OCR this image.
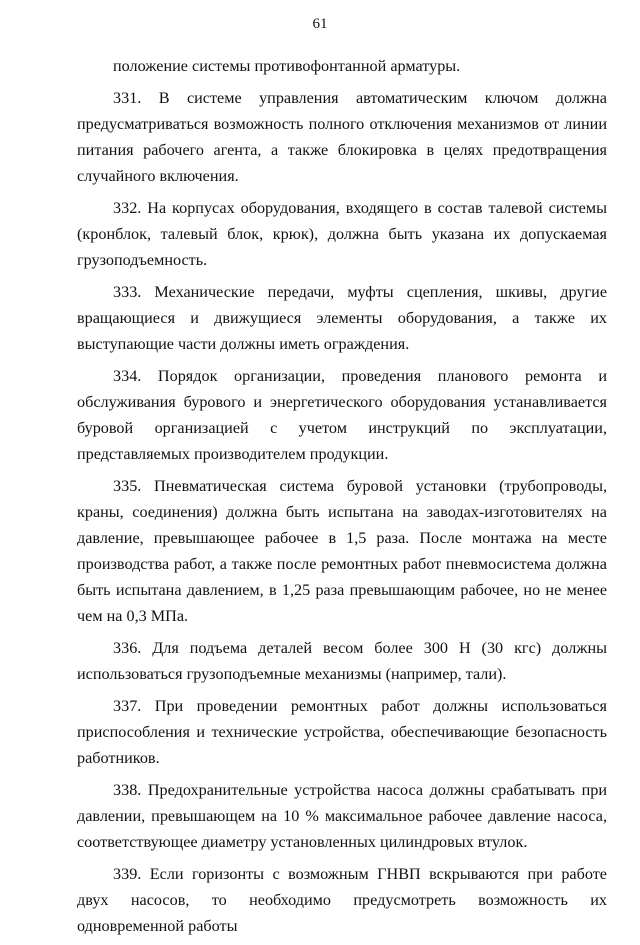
61

положение системы противофонтанной арматуры.

331. В системе управления автоматическим ключом должна предусматриваться возможность полного отключения механизмов от линии питания рабочего агента, а также блокировка в целях предотвращения случайного включения.

332. На корпусах оборудования, входящего в состав талевой системы (кронблок, талевый блок, крюк), должна быть указана их допускаемая грузоподъемность.

333. Механические передачи, муфты сцепления, шкивы, другие вращающиеся и движущиеся элементы оборудования, а также их выступающие части должны иметь ограждения.

334. Порядок организации, проведения планового ремонта и обслуживания бурового и энергетического оборудования устанавливается буровой организацией с учетом инструкций по эксплуатации, представляемых производителем продукции.

335. Пневматическая система буровой установки (трубопроводы, краны, соединения) должна быть испытана на заводах-изготовителях на давление, превышающее рабочее в 1,5 раза. После монтажа на месте производства работ, а также после ремонтных работ пневмосистема должна быть испытана давлением, в 1,25 раза превышающим рабочее, но не менее чем на 0,3 МПа.

336. Для подъема деталей весом более 300 Н (30 кгс) должны использоваться грузоподъемные механизмы (например, тали).

337. При проведении ремонтных работ должны использоваться приспособления и технические устройства, обеспечивающие безопасность работников.

338. Предохранительные устройства насоса должны срабатывать при давлении, превышающем на 10 % максимальное рабочее давление насоса, соответствующее диаметру установленных цилиндровых втулок.

339. Если горизонты с возможным ГНВП вскрываются при работе двух насосов, то необходимо предусмотреть возможность их одновременной работы
